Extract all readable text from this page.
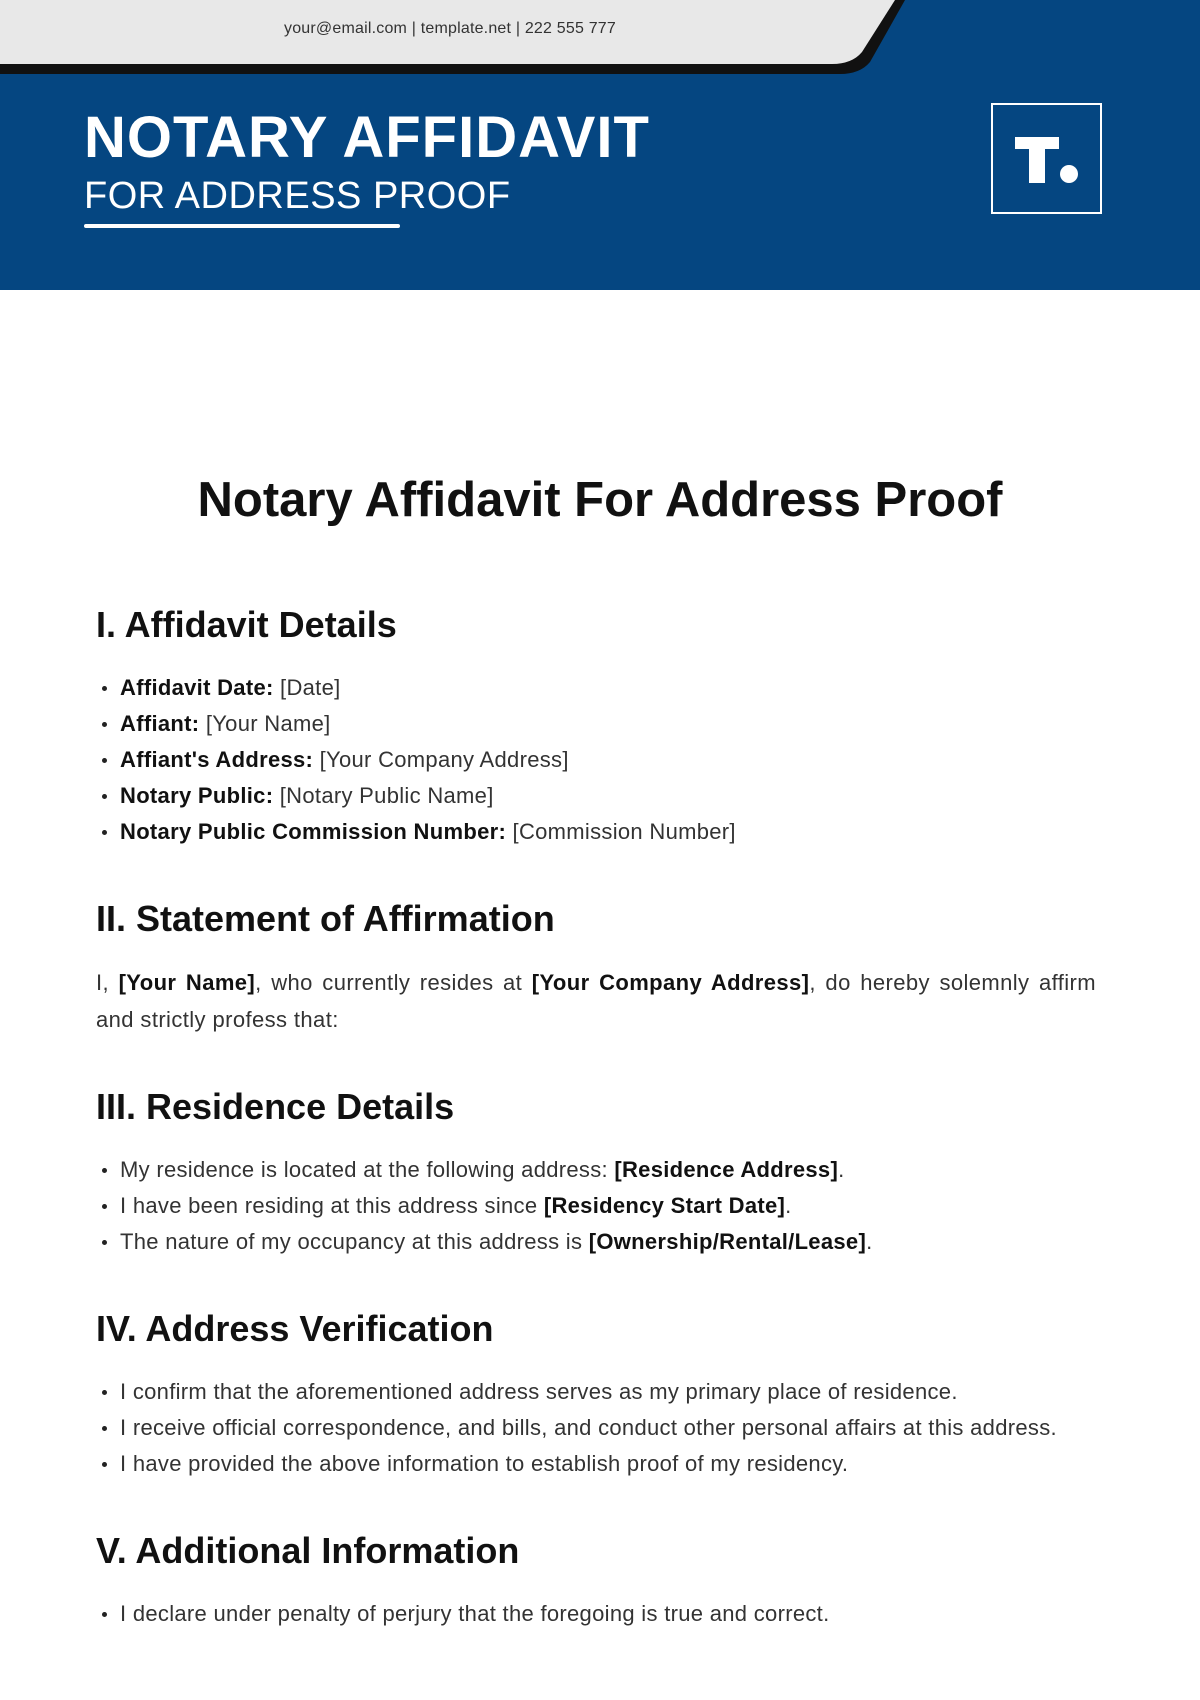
your@email.com | template.net | 222 555 777
NOTARY AFFIDAVIT
FOR ADDRESS PROOF
Notary Affidavit For Address Proof
I. Affidavit Details
Affidavit Date: [Date]
Affiant: [Your Name]
Affiant's Address: [Your Company Address]
Notary Public: [Notary Public Name]
Notary Public Commission Number: [Commission Number]
II. Statement of Affirmation

I, [Your Name], who currently resides at [Your Company Address], do hereby solemnly affirm and strictly profess that:

III. Residence Details
My residence is located at the following address: [Residence Address].
I have been residing at this address since [Residency Start Date].
The nature of my occupancy at this address is [Ownership/Rental/Lease].
IV. Address Verification
I confirm that the aforementioned address serves as my primary place of residence.
I receive official correspondence, and bills, and conduct other personal affairs at this address.
I have provided the above information to establish proof of my residency.
V. Additional Information
I declare under penalty of perjury that the foregoing is true and correct.
